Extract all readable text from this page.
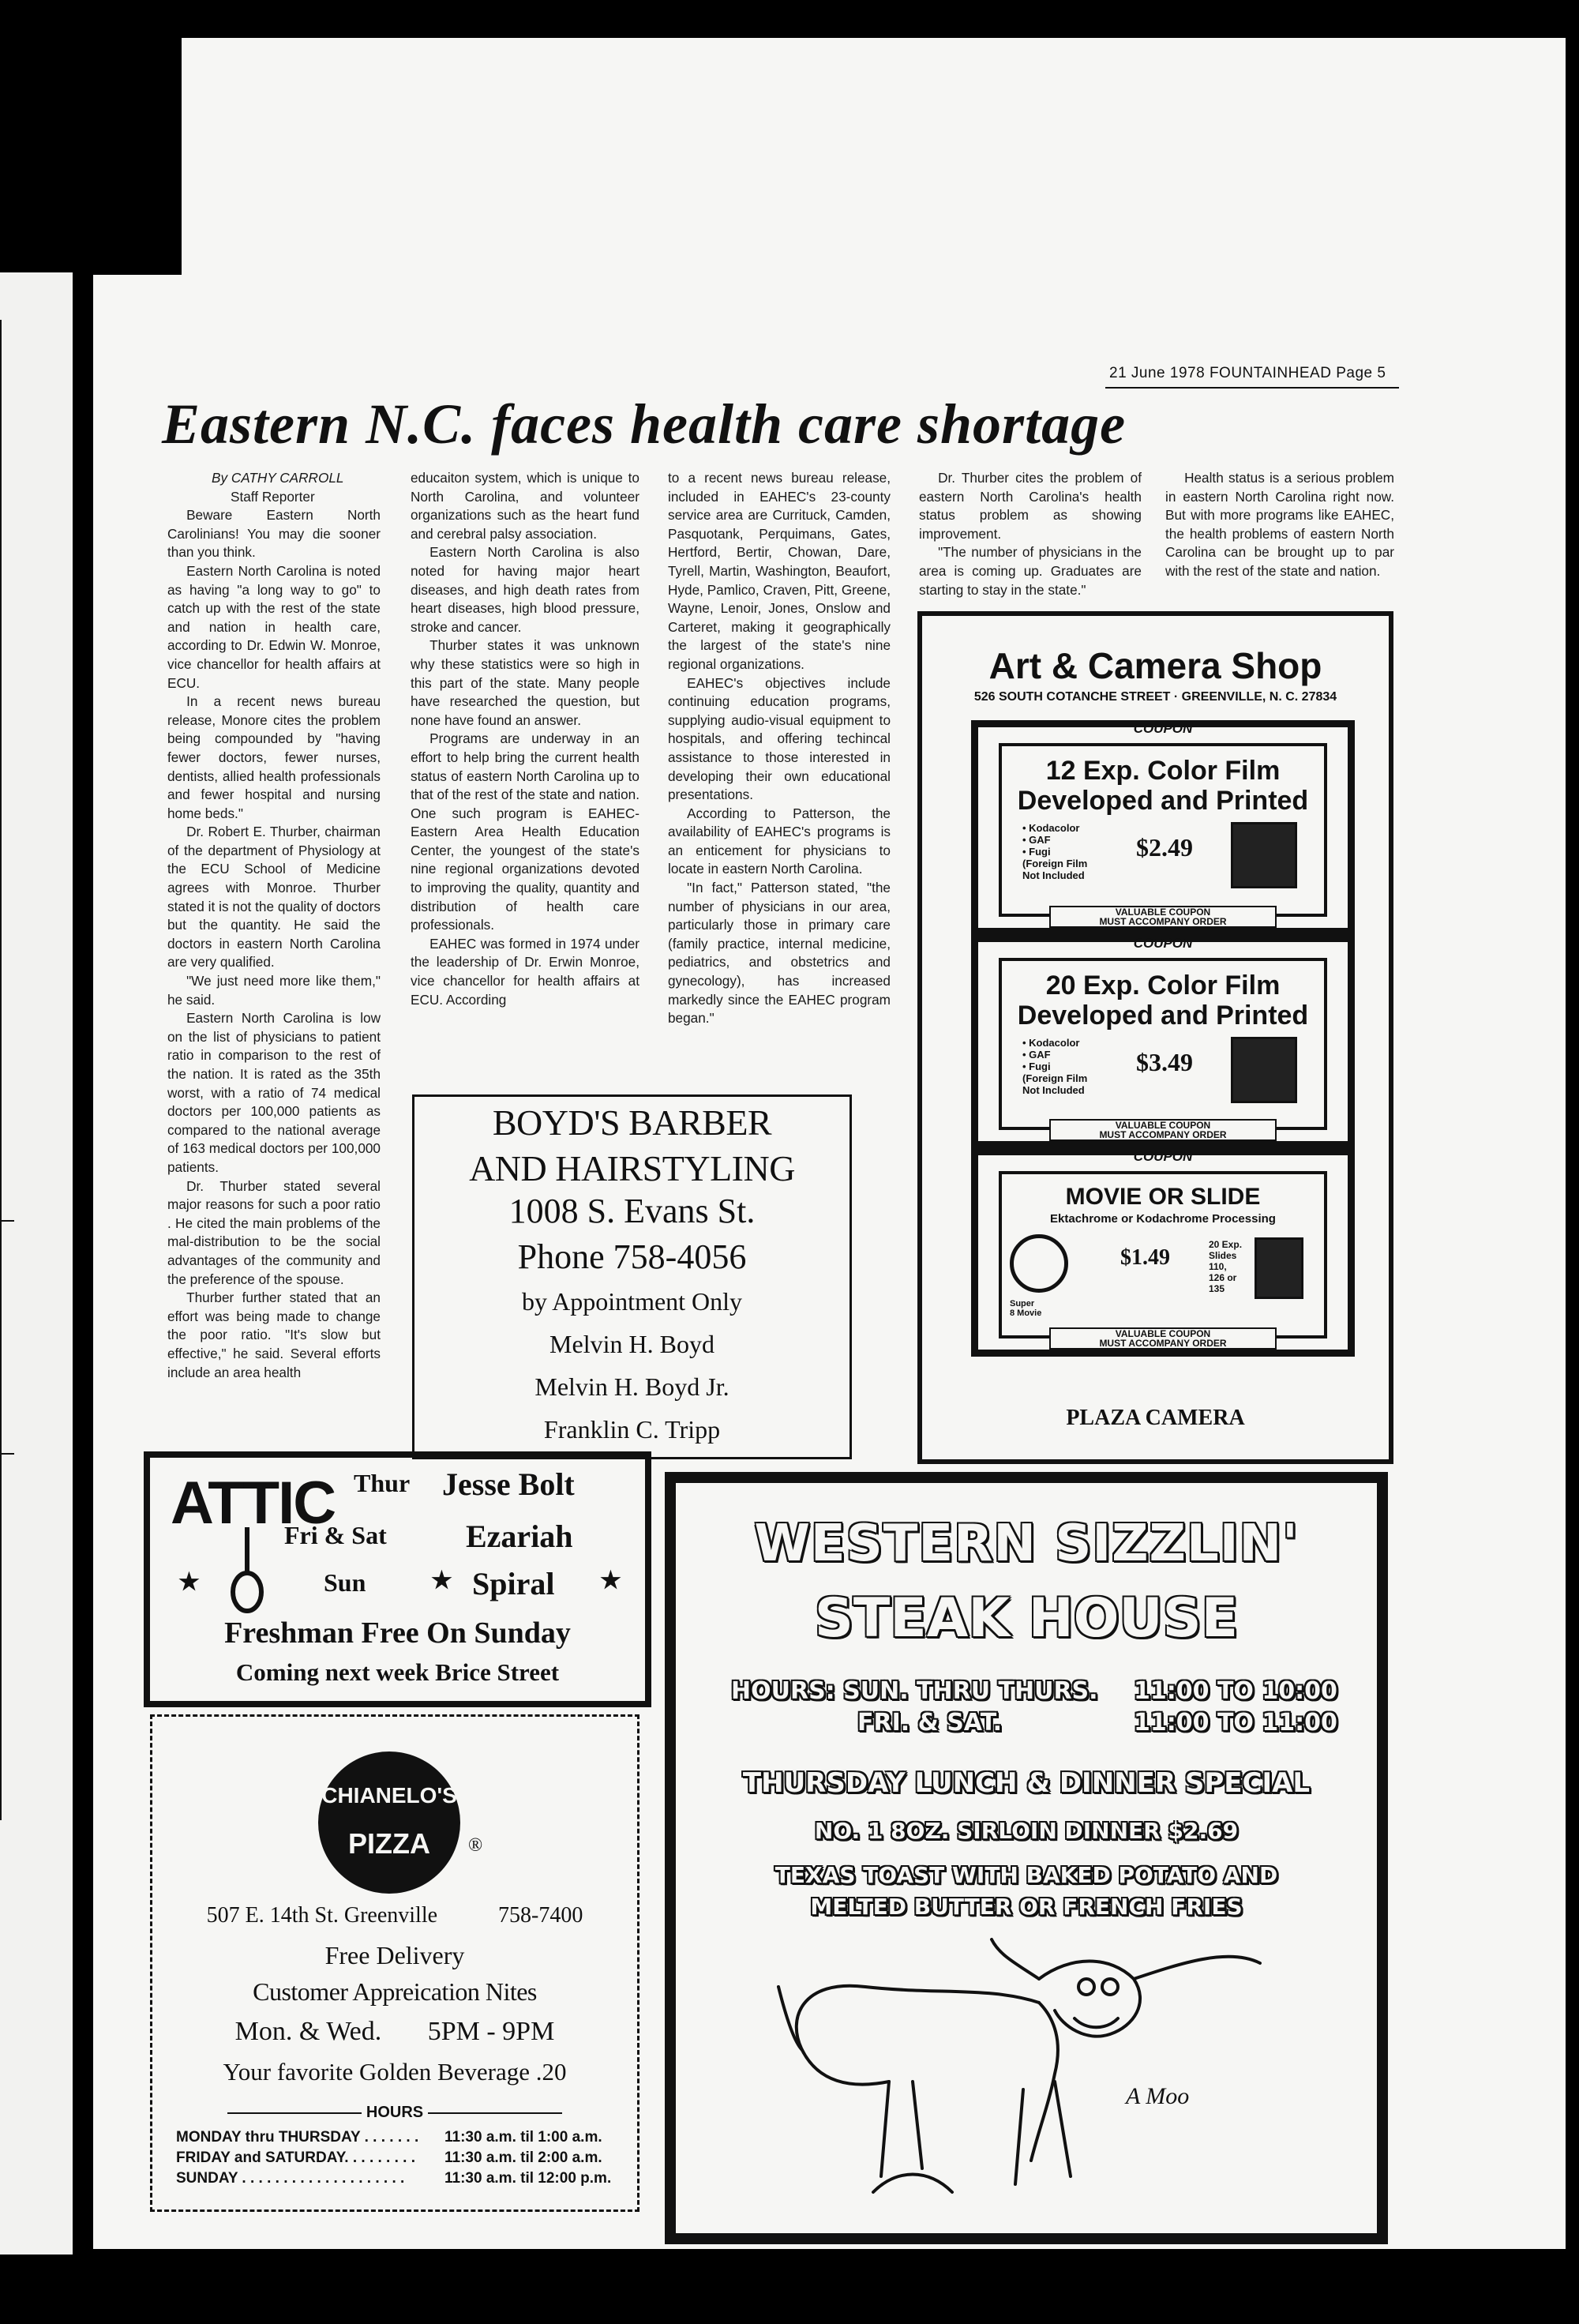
21 June 1978 FOUNTAINHEAD Page 5
Eastern N.C. faces health care shortage

By CATHY CARROLL

Staff Reporter

Beware Eastern North Carolinians! You may die sooner than you think.

Eastern North Carolina is noted as having "a long way to go" to catch up with the rest of the state and nation in health care, according to Dr. Edwin W. Monroe, vice chancellor for health affairs at ECU.

In a recent news bureau release, Monore cites the problem being compounded by "having fewer doctors, fewer nurses, dentists, allied health professionals and fewer hospital and nursing home beds."

Dr. Robert E. Thurber, chairman of the department of Physiology at the ECU School of Medicine agrees with Monroe. Thurber stated it is not the quality of doctors but the quantity. He said the doctors in eastern North Carolina are very qualified.

"We just need more like them," he said.

Eastern North Carolina is low on the list of physicians to patient ratio in comparison to the rest of the nation. It is rated as the 35th worst, with a ratio of 74 medical doctors per 100,000 patients as compared to the national average of 163 medical doctors per 100,000 patients.

Dr. Thurber stated several major reasons for such a poor ratio . He cited the main problems of the mal-distribution to be the social advantages of the community and the preference of the spouse.

Thurber further stated that an effort was being made to change the poor ratio. "It's slow but effective," he said. Several efforts include an area health

educaiton system, which is unique to North Carolina, and volunteer organizations such as the heart fund and cerebral palsy association.

Eastern North Carolina is also noted for having major heart diseases, and high death rates from heart diseases, high blood pressure, stroke and cancer.

Thurber states it was unknown why these statistics were so high in this part of the state. Many people have researched the question, but none have found an answer.

Programs are underway in an effort to help bring the current health status of eastern North Carolina up to that of the rest of the state and nation. One such program is EAHEC- Eastern Area Health Education Center, the youngest of the state's nine regional organizations devoted to improving the quality, quantity and distribution of health care professionals.

EAHEC was formed in 1974 under the leadership of Dr. Erwin Monroe, vice chancellor for health affairs at ECU. According

to a recent news bureau release, included in EAHEC's 23-county service area are Currituck, Camden, Pasquotank, Perquimans, Gates, Hertford, Bertir, Chowan, Dare, Tyrell, Martin, Washington, Beaufort, Hyde, Pamlico, Craven, Pitt, Greene, Wayne, Lenoir, Jones, Onslow and Carteret, making it geographically the largest of the state's nine regional organizations.

EAHEC's objectives include continuing education programs, supplying audio-visual equipment to hospitals, and offering techincal assistance to those interested in developing their own educational presentations.

According to Patterson, the availability of EAHEC's programs is an enticement for physicians to locate in eastern North Carolina.

"In fact," Patterson stated, "the number of physicians in our area, particularly those in primary care (family practice, internal medicine, pediatrics, and obstetrics and gynecology), has increased markedly since the EAHEC program began."

Dr. Thurber cites the problem of eastern North Carolina's health status problem as showing improvement.

"The number of physicians in the area is coming up. Graduates are starting to stay in the state."

Health status is a serious problem in eastern North Carolina right now. But with more programs like EAHEC, the health problems of eastern North Carolina can be brought up to par with the rest of the state and nation.

BOYD'S BARBER
AND HAIRSTYLING
1008 S. Evans St.
Phone 758-4056
by Appointment Only
Melvin H. Boyd
Melvin H. Boyd Jr.
Franklin C. Tripp
Art & Camera Shop
526 SOUTH COTANCHE STREET · GREENVILLE, N. C. 27834
COUPON
12 Exp. Color Film
Developed and Printed
• Kodacolor
• GAF
• Fugi
(Foreign Film
Not Included
$2.49
VALUABLE COUPON
MUST ACCOMPANY ORDER
COUPON
20 Exp. Color Film
Developed and Printed
• Kodacolor
• GAF
• Fugi
(Foreign Film
Not Included
$3.49
VALUABLE COUPON
MUST ACCOMPANY ORDER
COUPON
MOVIE OR SLIDE
Ektachrome or Kodachrome Processing
$1.49
20 Exp.
Slides
110,
126 or
135
Super
8 Movie
VALUABLE COUPON
MUST ACCOMPANY ORDER
PLAZA CAMERA
ATTIC Thur Jesse Bolt
Fri & Sat	Ezariah
★	Sun	★ Spiral ★
Freshman Free On Sunday
Coming next week Brice Street
CHIANELO'S
PIZZA	®
507 E. 14th St. Greenville	758-7400
Free Delivery
Customer Appreication Nites
Mon. & Wed. 5PM - 9PM
Your favorite Golden Beverage .20
HOURS
MONDAY thru THURSDAY . . . . . . .	11:30 a.m. til 1:00 a.m.
FRIDAY and SATURDAY. . . . . . . . .	11:30 a.m. til 2:00 a.m.
SUNDAY . . . . . . . . . . . . . . . . . . . .	11:30 a.m. til 12:00 p.m.
WESTERN SIZZLIN'
STEAK HOUSE
HOURS: SUN. THRU THURS. 11:00 TO 10:00
FRI. & SAT.	11:00 TO 11:00
THURSDAY LUNCH & DINNER SPECIAL
NO. 1 8OZ. SIRLOIN DINNER $2.69
TEXAS TOAST WITH BAKED POTATO AND
MELTED BUTTER OR FRENCH FRIES
A Moo
